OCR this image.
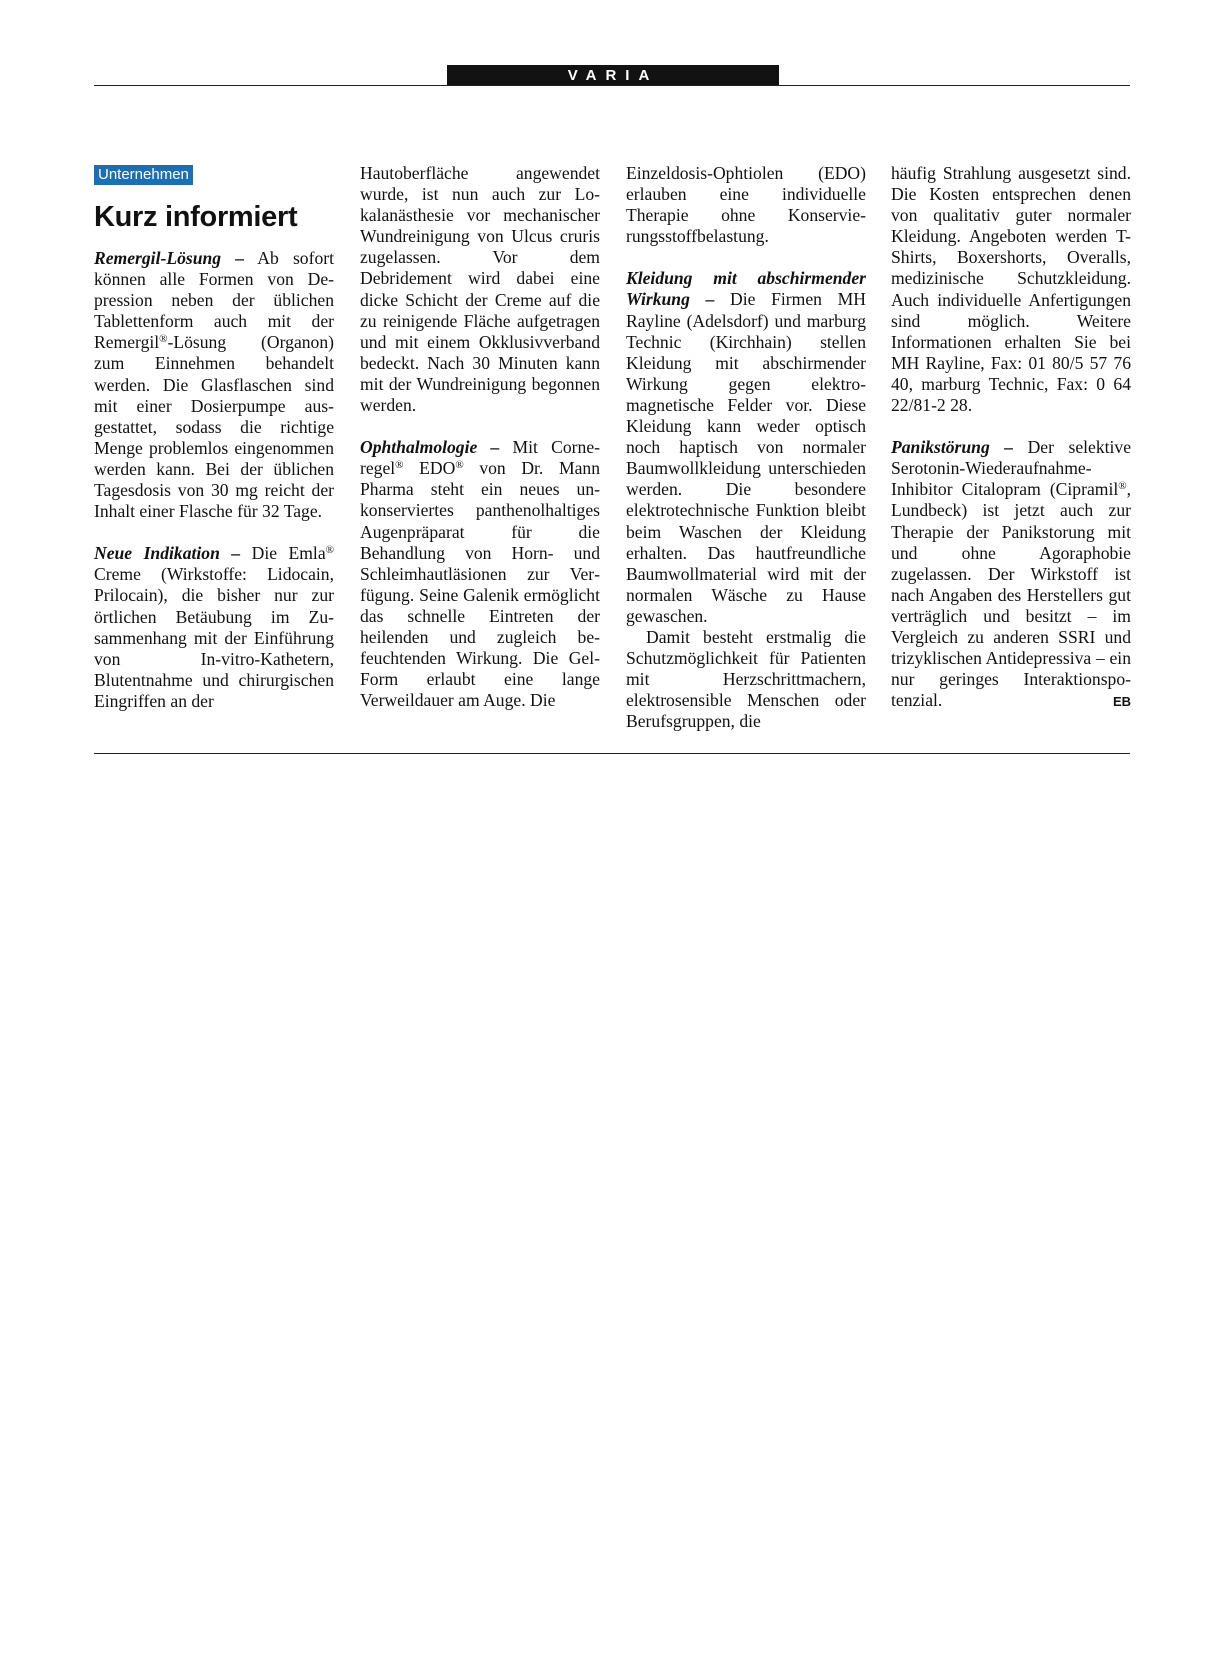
VARIA
Unternehmen
Kurz informiert

Remergil-Lösung – Ab sofort können alle Formen von Depression neben der üblichen Tablettenform auch mit der Remergil®-Lösung (Organon) zum Einnehmen behandelt werden. Die Glasflaschen sind mit einer Dosierpumpe ausgestattet, sodass die richtige Menge problemlos eingenommen werden kann. Bei der üblichen Tagesdosis von 30 mg reicht der Inhalt einer Flasche für 32 Tage.

Neue Indikation – Die Emla® Creme (Wirkstoffe: Lidocain, Prilocain), die bisher nur zur örtlichen Betäubung im Zusammenhang mit der Einführung von In-vitro-Kathetern, Blutentnahme und chirurgischen Eingriffen an der

Hautoberfläche angewendet wurde, ist nun auch zur Lokalanästhesie vor mechanischer Wundreinigung von Ulcus cruris zugelassen. Vor dem Debridement wird dabei eine dicke Schicht der Creme auf die zu reinigende Fläche aufgetragen und mit einem Okklusivverband bedeckt. Nach 30 Minuten kann mit der Wundreinigung begonnen werden.

Ophthalmologie – Mit Corneregel® EDO® von Dr. Mann Pharma steht ein neues unkonserviertes panthenolhaltiges Augenpräparat für die Behandlung von Horn- und Schleimhautläsionen zur Verfügung. Seine Galenik ermöglicht das schnelle Eintreten der heilenden und zugleich befeuchtenden Wirkung. Die Gel-Form erlaubt eine lange Verweildauer am Auge. Die

Einzeldosis-Ophtiolen (EDO) erlauben eine individuelle Therapie ohne Konservierungsstoffbelastung.

Kleidung mit abschirmender Wirkung – Die Firmen MH Rayline (Adelsdorf) und marburg Technic (Kirchhain) stellen Kleidung mit abschirmender Wirkung gegen elektromagnetische Felder vor. Diese Kleidung kann weder optisch noch haptisch von normaler Baumwollkleidung unterschieden werden. Die besondere elektrotechnische Funktion bleibt beim Waschen der Kleidung erhalten. Das hautfreundliche Baumwollmaterial wird mit der normalen Wäsche zu Hause gewaschen.

Damit besteht erstmalig die Schutzmöglichkeit für Patienten mit Herzschrittmachern, elektrosensible Menschen oder Berufsgruppen, die

häufig Strahlung ausgesetzt sind. Die Kosten entsprechen denen von qualitativ guter normaler Kleidung. Angeboten werden T-Shirts, Boxershorts, Overalls, medizinische Schutzkleidung. Auch individuelle Anfertigungen sind möglich. Weitere Informationen erhalten Sie bei MH Rayline, Fax: 01 80/5 57 76 40, marburg Technic, Fax: 0 64 22/81-2 28.

Panikstörung – Der selektive Serotonin-Wiederaufnahme-Inhibitor Citalopram (Cipramil®, Lundbeck) ist jetzt auch zur Therapie der Panikstorung mit und ohne Agoraphobie zugelassen. Der Wirkstoff ist nach Angaben des Herstellers gut verträglich und besitzt – im Vergleich zu anderen SSRI und trizyklischen Antidepressiva – ein nur geringes Interaktionspotenzial.	EB
